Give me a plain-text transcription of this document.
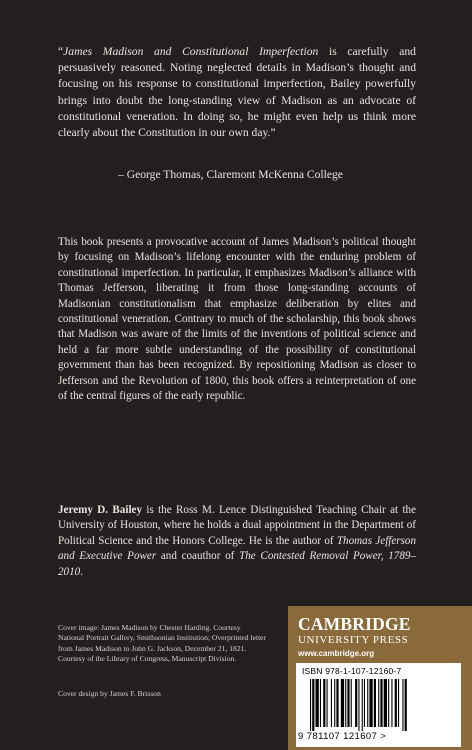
“James Madison and Constitutional Imperfection is carefully and persuasively reasoned. Noting neglected details in Madison’s thought and focusing on his response to constitutional imperfection, Bailey powerfully brings into doubt the long-standing view of Madison as an advocate of constitutional veneration. In doing so, he might even help us think more clearly about the Constitution in our own day.”

– George Thomas, Claremont McKenna College

This book presents a provocative account of James Madison’s political thought by focusing on Madison’s lifelong encounter with the enduring problem of constitutional imperfection. In particular, it emphasizes Madison’s alliance with Thomas Jefferson, liberating it from those long-standing accounts of Madisonian constitutionalism that emphasize deliberation by elites and constitutional veneration. Contrary to much of the scholarship, this book shows that Madison was aware of the limits of the inventions of political science and held a far more subtle understanding of the possibility of constitutional government than has been recognized. By repositioning Madison as closer to Jefferson and the Revolution of 1800, this book offers a reinterpretation of one of the central figures of the early republic.

Jeremy D. Bailey is the Ross M. Lence Distinguished Teaching Chair at the University of Houston, where he holds a dual appointment in the Department of Political Science and the Honors College. He is the author of Thomas Jefferson and Executive Power and coauthor of The Contested Removal Power, 1789–2010.

Cover image: James Madison by Chester Harding. Courtesy National Portrait Gallery, Smithsonian Institution; Overprinted letter from James Madison to John G. Jackson, December 21, 1821. Courtesy of the Library of Congress, Manuscript Division.

Cover design by James F. Brisson

CAMBRIDGE

UNIVERSITY PRESS

www.cambridge.org

ISBN 978-1-107-12160-7

9 781107 121607 >
